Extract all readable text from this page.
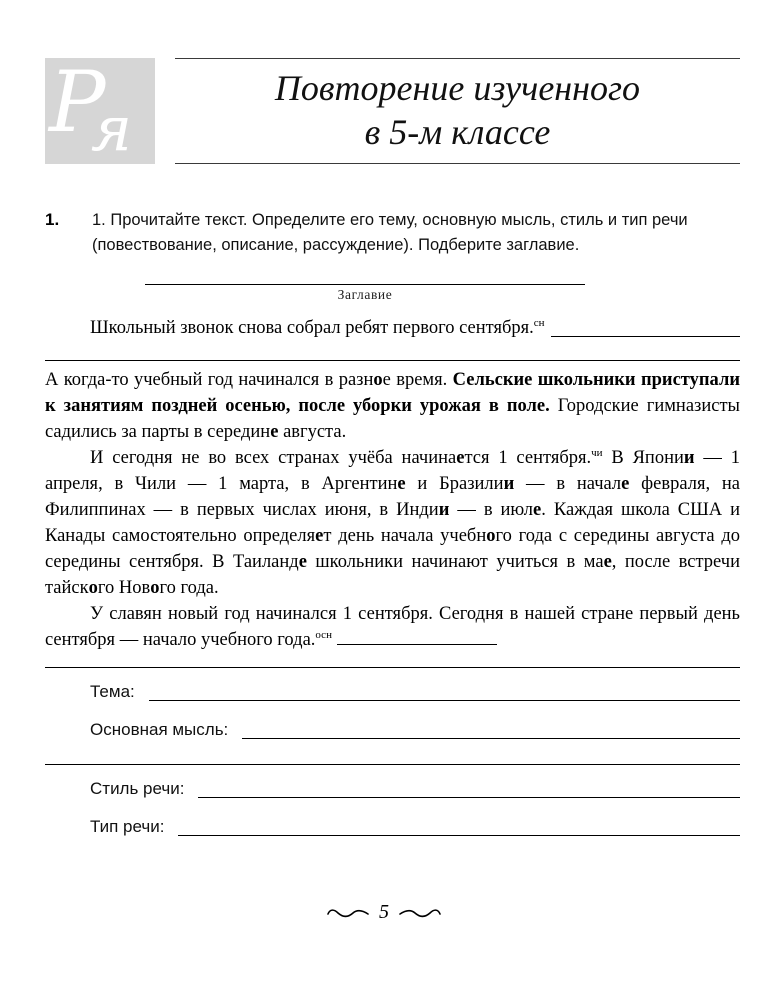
Р
я
Повторение изученного
в 5-м классе
1.	1. Прочитайте текст. Определите его тему, основную мысль, стиль и тип речи (повествование, описание, рассуждение). Подберите заглавие.

Заглавие
Школьный звонок снова собрал ребят первого сентября.$^{сн}$

А когда-то учебный год начинался в разное время. Сельские школьники приступали к занятиям поздней осенью, после уборки урожая в поле. Городские гимназисты садились за парты в середине августа.

И сегодня не во всех странах учёба начинается 1 сентября.$^{чи}$ В Японии — 1 апреля, в Чили — 1 марта, в Аргентине и Бразилии — в начале февраля, на Филиппинах — в первых числах июня, в Индии — в июле. Каждая школа США и Канады самостоятельно определяет день начала учебного года с середины августа до середины сентября. В Таиланде школьники начинают учиться в мае, после встречи тайского Нового года.

У славян новый год начинался 1 сентября. Сегодня в нашей стране первый день сентября — начало учебного года.$^{осн}$

Тема:
Основная мысль:
Стиль речи:
Тип речи:
5
